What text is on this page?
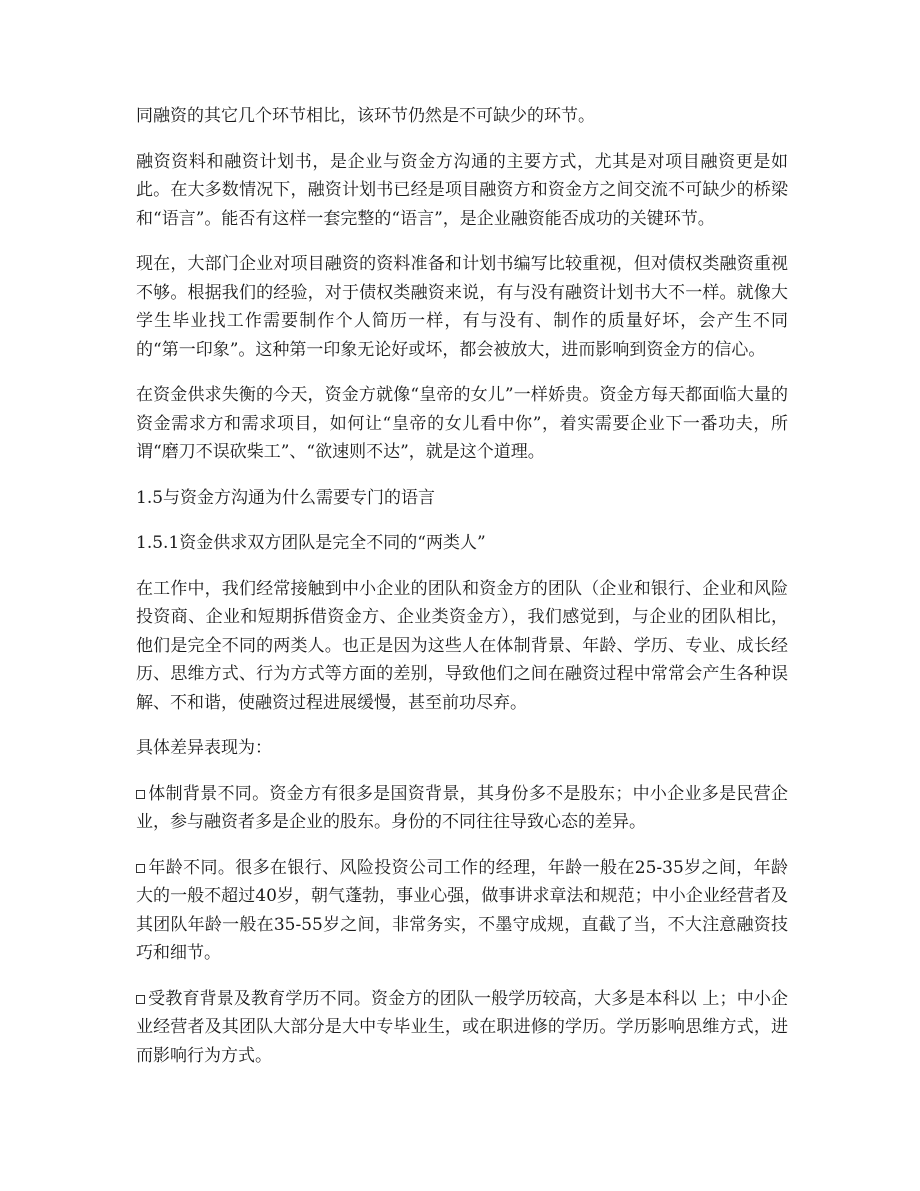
同融资的其它几个环节相比，该环节仍然是不可缺少的环节。

融资资料和融资计划书，是企业与资金方沟通的主要方式，尤其是对项目融资更是如此。在大多数情况下，融资计划书已经是项目融资方和资金方之间交流不可缺少的桥梁和“语言”。能否有这样一套完整的“语言”，是企业融资能否成功的关键环节。

现在，大部门企业对项目融资的资料准备和计划书编写比较重视，但对债权类融资重视不够。根据我们的经验，对于债权类融资来说，有与没有融资计划书大不一样。就像大学生毕业找工作需要制作个人简历一样，有与没有、制作的质量好坏，会产生不同的“第一印象”。这种第一印象无论好或坏，都会被放大，进而影响到资金方的信心。

在资金供求失衡的今天，资金方就像“皇帝的女儿”一样娇贵。资金方每天都面临大量的资金需求方和需求项目，如何让“皇帝的女儿看中你”，着实需要企业下一番功夫，所谓“磨刀不误砍柴工”、“欲速则不达”，就是这个道理。

1.5与资金方沟通为什么需要专门的语言

1.5.1资金供求双方团队是完全不同的“两类人”

在工作中，我们经常接触到中小企业的团队和资金方的团队（企业和银行、企业和风险投资商、企业和短期拆借资金方、企业类资金方），我们感觉到，与企业的团队相比，他们是完全不同的两类人。也正是因为这些人在体制背景、年龄、学历、专业、成长经历、思维方式、行为方式等方面的差别，导致他们之间在融资过程中常常会产生各种误解、不和谐，使融资过程进展缓慢，甚至前功尽弃。

具体差异表现为：

体制背景不同。资金方有很多是国资背景，其身份多不是股东；中小企业多是民营企业，参与融资者多是企业的股东。身份的不同往往导致心态的差异。

年龄不同。很多在银行、风险投资公司工作的经理，年龄一般在25-35岁之间，年龄大的一般不超过40岁，朝气蓬勃，事业心强，做事讲求章法和规范；中小企业经营者及其团队年龄一般在35-55岁之间，非常务实，不墨守成规，直截了当，不大注意融资技巧和细节。

受教育背景及教育学历不同。资金方的团队一般学历较高，大多是本科以 上；中小企业经营者及其团队大部分是大中专毕业生，或在职进修的学历。学历影响思维方式，进而影响行为方式。
